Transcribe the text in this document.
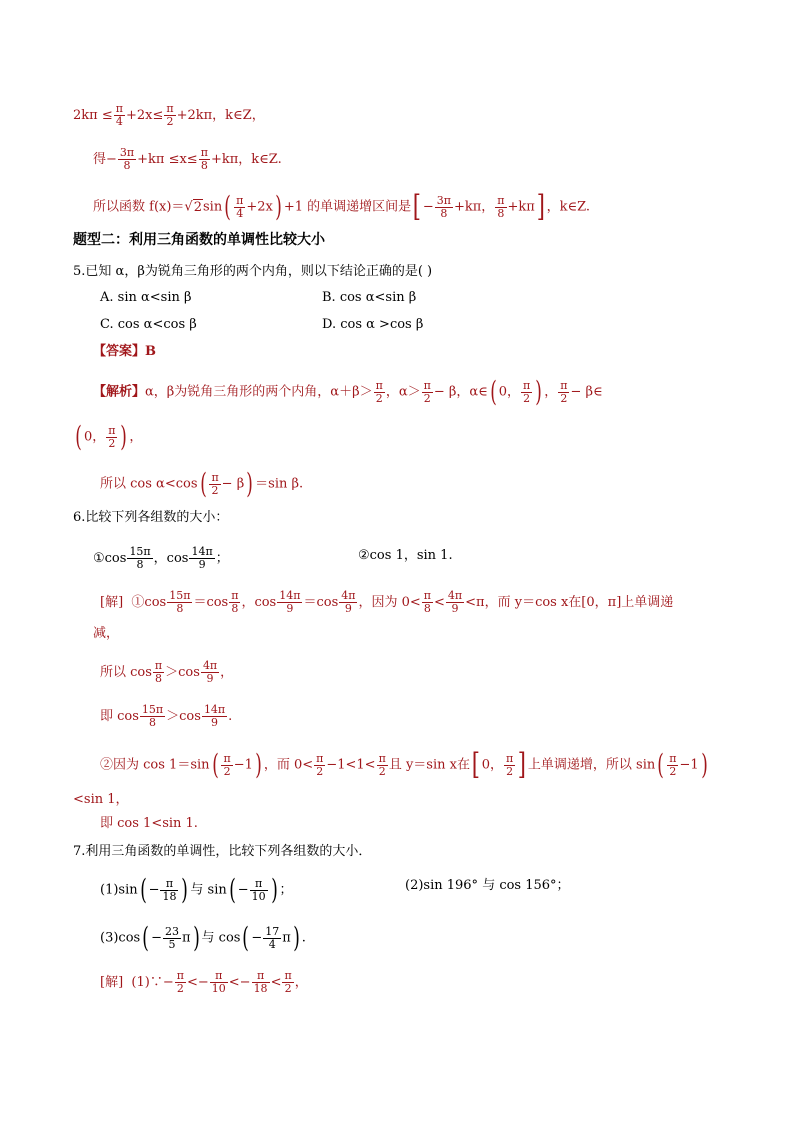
$2k\pi \le \frac{\pi}{4} +2x\le \frac{\pi}{2} +2k\pi$，k∈Z，
得− $\frac{3\pi}{8} +k\pi \le x\le \frac{\pi}{8} +k\pi$，k∈Z.
所以函数 $f(x)=√2\sin( \frac{\pi}{4} +2x) +1$ 的单调递增区间是[ − $\frac{3\pi}{8} +k\pi$， $\frac{\pi}{8} +k\pi$] ，k∈Z.
题型二：利用三角函数的单调性比较大小
5.已知 α，β为锐角三角形的两个内角，则以下结论正确的是( )
A. sin α<sin β	B. cos α<sin β
C. cos α<cos β	D. cos α >cos β
【答案】B
【解析】α，β为锐角三角形的两个内角，$\alpha+\beta> \frac{\pi}{2}$ ，$\alpha> \frac{\pi}{2} - \beta$，α∈( 0， $\frac{\pi}{2}$ ) ， $\frac{\pi}{2}$ − β∈
( 0， $\frac{\pi}{2}$ ) ，
所以 $\cos \alpha<\cos( \frac{\pi}{2} - \beta) =\sin$ β.
6.比较下列各组数的大小：
①cos $\frac{15\pi}{8}$ ，$\cos \frac{14\pi}{9}$ ；	②cos 1，sin 1.
[解] ①cos $\frac{15\pi}{8} =\cos \frac{\pi}{8}$ ，$\cos \frac{14\pi}{9} =\cos \frac{4\pi}{9}$ ，因为 $0< \frac{\pi}{8} < \frac{4\pi}{9} <\pi$，而 y＝cos x在[0，π]上单调递
减，
所以 $\cos \frac{\pi}{8} >\cos \frac{4\pi}{9}$ ，
即 $\cos \frac{15\pi}{8} >\cos \frac{14\pi}{9}$ .
②因为 $\cos 1=\sin( \frac{\pi}{2} -1)$ ，而 $0< \frac{\pi}{2} -1<1< \frac{\pi}{2}$ 且 y＝sin x在[ 0， $\frac{\pi}{2}$ ] 上单调递增，所以 $\sin( \frac{\pi}{2} -1)$
<sin 1，
即 cos 1<sin 1.
7.利用三角函数的单调性，比较下列各组数的大小．
$(1)\sin( - \frac{\pi}{18}$ ) 与 $\sin( - \frac{\pi}{10}$ ) ；	(2)sin 196° 与 cos 156°；
$(3)\cos( - \frac{23}{5} \pi)$ 与 $\cos( - \frac{17}{4} \pi)$ .
[解] (1)∵− $\frac{\pi}{2} <- \frac{\pi}{10} <- \frac{\pi}{18} < \frac{\pi}{2}$ ，
